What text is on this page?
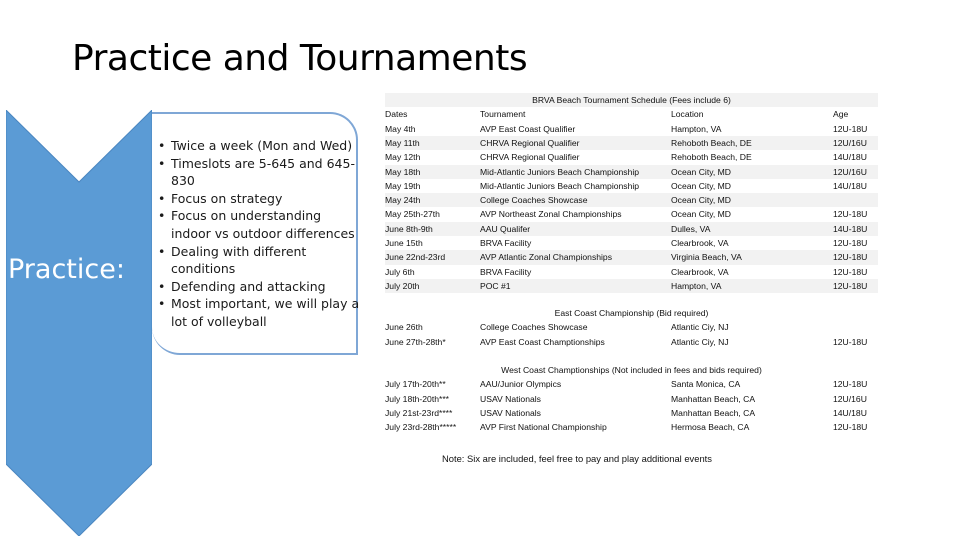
Practice and Tournaments
Practice:
• Twice a week (Mon and Wed)
• Timeslots are 5-645 and 645-830
• Focus on strategy
• Focus on understanding indoor vs outdoor differences
• Dealing with different conditions
• Defending and attacking
• Most important, we will play a lot of volleyball
BRVA Beach Tournament Schedule (Fees include 6)
Dates	Tournament	Location	Age
May 4th	AVP East Coast Qualifier	Hampton, VA	12U-18U
May 11th	CHRVA Regional Qualifier	Rehoboth Beach, DE	12U/16U
May 12th	CHRVA Regional Qualifier	Rehoboth Beach, DE	14U/18U
May 18th	Mid-Atlantic Juniors Beach Championship	Ocean City, MD	12U/16U
May 19th	Mid-Atlantic Juniors Beach Championship	Ocean City, MD	14U/18U
May 24th	College Coaches Showcase	Ocean City, MD
May 25th-27th	AVP Northeast Zonal Championships	Ocean City, MD	12U-18U
June 8th-9th	AAU Qualifer	Dulles, VA	14U-18U
June 15th	BRVA Facility	Clearbrook, VA	12U-18U
June 22nd-23rd	AVP Atlantic Zonal Championships	Virginia Beach, VA	12U-18U
July 6th	BRVA Facility	Clearbrook, VA	12U-18U
July 20th	POC #1	Hampton, VA	12U-18U
East Coast Championship (Bid required)
June 26th	College Coaches Showcase	Atlantic Ciy, NJ
June 27th-28th*	AVP East Coast Champtionships	Atlantic Ciy, NJ	12U-18U
West Coast Champtionships (Not included in fees and bids required)
July 17th-20th**	AAU/Junior Olympics	Santa Monica, CA	12U-18U
July 18th-20th***	USAV Nationals	Manhattan Beach, CA	12U/16U
July 21st-23rd****	USAV Nationals	Manhattan Beach, CA	14U/18U
July 23rd-28th*****	AVP First National Championship	Hermosa Beach, CA	12U-18U
Note: Six are included, feel free to pay and play additional events
